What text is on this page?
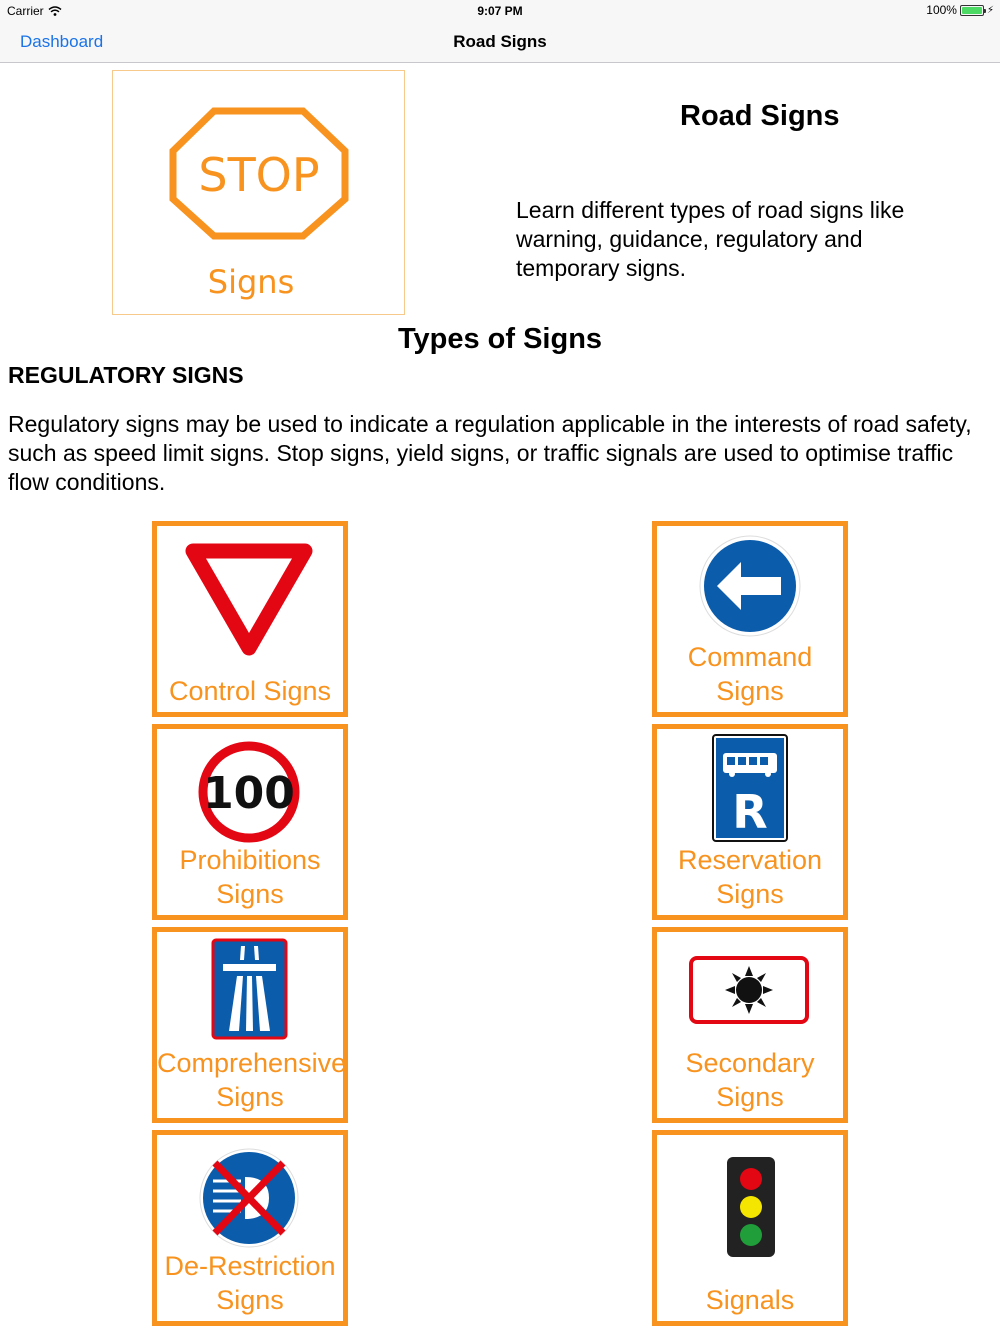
Carrier	9:07 PM	100%	⚡
Dashboard	Road Signs
STOP
Signs
Road Signs
Learn different types of road signs like warning, guidance, regulatory and temporary signs.
Types of Signs
REGULATORY SIGNS
Regulatory signs may be used to indicate a regulation applicable in the interests of road safety, such as speed limit signs. Stop signs, yield signs, or traffic signals are used to optimise traffic flow conditions.
Control Signs
Command
Signs
100
Prohibitions
Signs
R
Reservation
Signs
Comprehensive
Signs
Secondary
Signs
De-Restriction
Signs	Signals
